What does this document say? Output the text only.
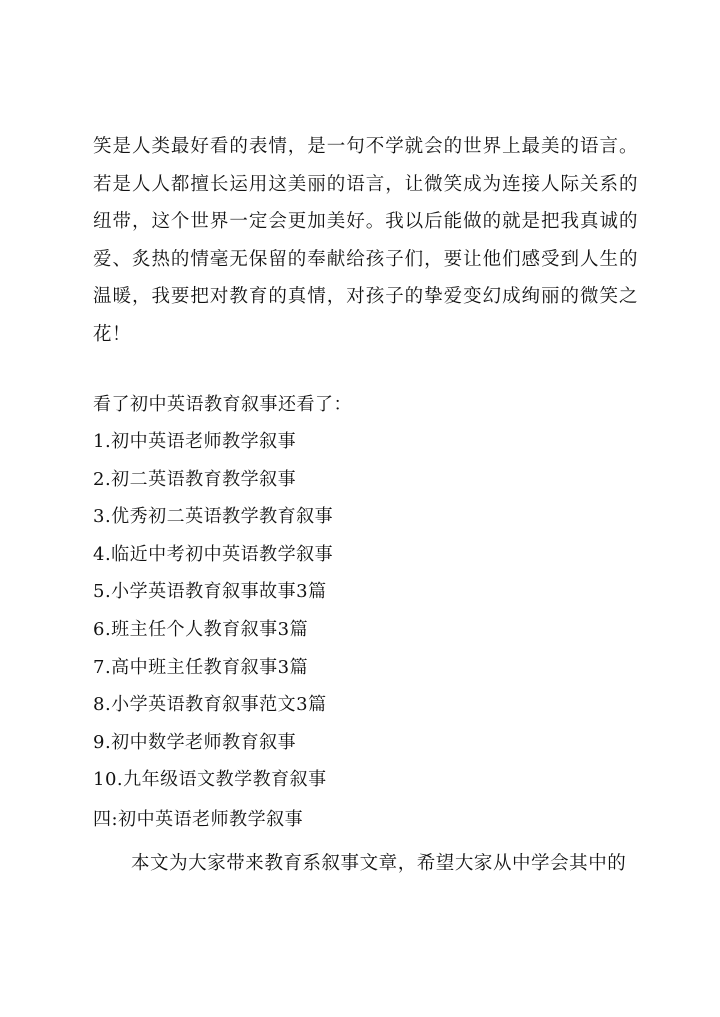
笑是人类最好看的表情，是一句不学就会的世界上最美的语言。若是人人都擅长运用这美丽的语言，让微笑成为连接人际关系的纽带，这个世界一定会更加美好。我以后能做的就是把我真诚的爱、炙热的情毫无保留的奉献给孩子们，要让他们感受到人生的温暖，我要把对教育的真情，对孩子的挚爱变幻成绚丽的微笑之花！

看了初中英语教育叙事还看了：

1.初中英语老师教学叙事
2.初二英语教育教学叙事
3.优秀初二英语教学教育叙事
4.临近中考初中英语教学叙事
5.小学英语教育叙事故事3篇
6.班主任个人教育叙事3篇
7.高中班主任教育叙事3篇
8.小学英语教育叙事范文3篇
9.初中数学老师教育叙事
10.九年级语文教学教育叙事
四:初中英语老师教学叙事

本文为大家带来教育系叙事文章，希望大家从中学会其中的
